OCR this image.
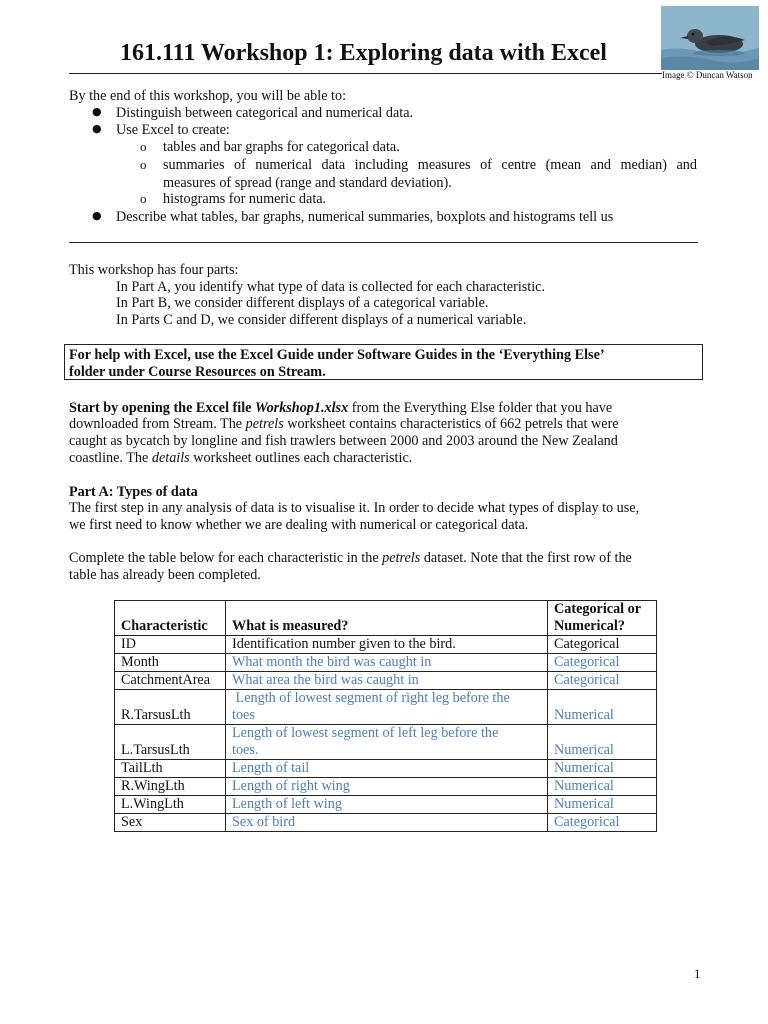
Image © Duncan Watson
161.111 Workshop 1: Exploring data with Excel
By the end of this workshop, you will be able to:
● Distinguish between categorical and numerical data.
● Use Excel to create:
o tables and bar graphs for categorical data.
o summaries of numerical data including measures of centre (mean and median) and
measures of spread (range and standard deviation).
o histograms for numeric data.
● Describe what tables, bar graphs, numerical summaries, boxplots and histograms tell us
This workshop has four parts:
In Part A, you identify what type of data is collected for each characteristic.
In Part B, we consider different displays of a categorical variable.
In Parts C and D, we consider different displays of a numerical variable.
For help with Excel, use the Excel Guide under Software Guides in the ‘Everything Else’
folder under Course Resources on Stream.
Start by opening the Excel file Workshop1.xlsx from the Everything Else folder that you have
downloaded from Stream. The petrels worksheet contains characteristics of 662 petrels that were
caught as bycatch by longline and fish trawlers between 2000 and 2003 around the New Zealand
coastline. The details worksheet outlines each characteristic.
Part A: Types of data
The first step in any analysis of data is to visualise it. In order to decide what types of display to use,
we first need to know whether we are dealing with numerical or categorical data.
Complete the table below for each characteristic in the petrels dataset. Note that the first row of the
table has already been completed.
Characteristic	What is measured?	Categorical or
Numerical?
ID	Identification number given to the bird.	Categorical
Month	What month the bird was caught in	Categorical
CatchmentArea	What area the bird was caught in	Categorical
R.TarsusLth	Length of lowest segment of right leg before the
toes	Numerical
L.TarsusLth	Length of lowest segment of left leg before the
toes.	Numerical
TailLth	Length of tail	Numerical
R.WingLth	Length of right wing	Numerical
L.WingLth	Length of left wing	Numerical
Sex	Sex of bird	Categorical
1
